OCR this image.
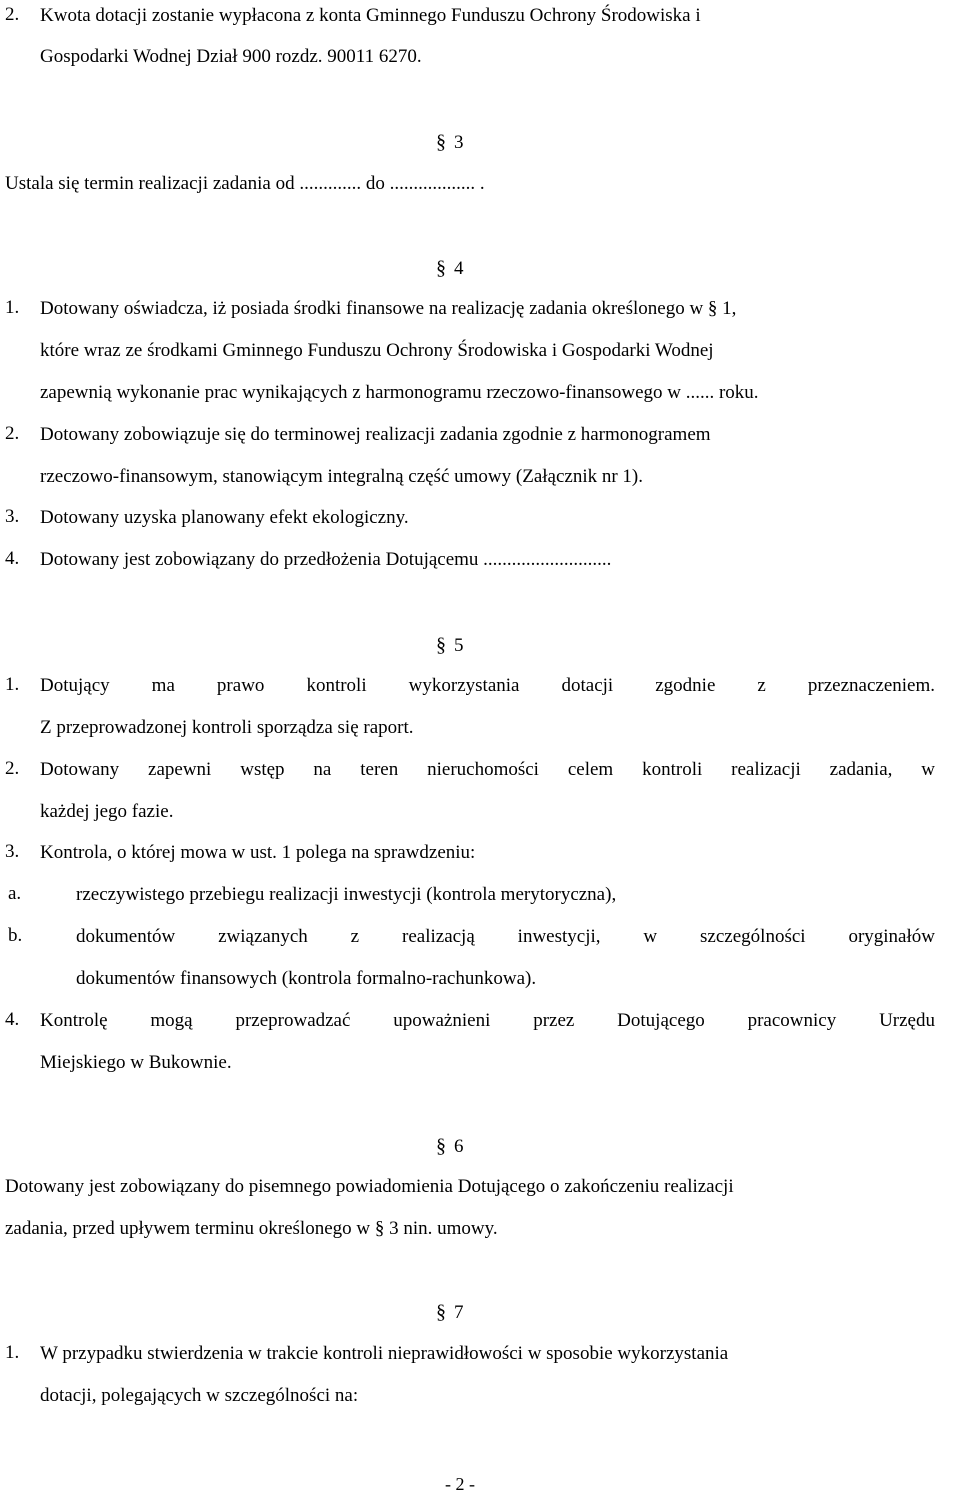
2. Kwota dotacji zostanie wypłacona z konta Gminnego Funduszu Ochrony Środowiska i
Gospodarki Wodnej Dział 900 rozdz. 90011 6270.
§ 3
Ustala się termin realizacji zadania od ............. do .................. .
§ 4
1. Dotowany oświadcza, iż posiada środki finansowe na realizację zadania określonego w § 1,
które wraz ze środkami Gminnego Funduszu Ochrony Środowiska i Gospodarki Wodnej
zapewnią wykonanie prac wynikających z harmonogramu rzeczowo-finansowego w ...... roku.
2. Dotowany zobowiązuje się do terminowej realizacji zadania zgodnie z harmonogramem
rzeczowo-finansowym, stanowiącym integralną część umowy (Załącznik nr 1).
3. Dotowany uzyska planowany efekt ekologiczny.
4. Dotowany jest zobowiązany do przedłożenia Dotującemu ...........................
§ 5
1. Dotujący ma prawo kontroli wykorzystania dotacji zgodnie z przeznaczeniem.
Z przeprowadzonej kontroli sporządza się raport.
2. Dotowany zapewni wstęp na teren nieruchomości celem kontroli realizacji zadania, w
każdej jego fazie.
3. Kontrola, o której mowa w ust. 1 polega na sprawdzeniu:
a.	rzeczywistego przebiegu realizacji inwestycji (kontrola merytoryczna),
b.	dokumentów związanych z realizacją inwestycji, w szczególności oryginałów
dokumentów finansowych (kontrola formalno-rachunkowa).
4. Kontrolę mogą przeprowadzać upoważnieni przez Dotującego pracownicy Urzędu
Miejskiego w Bukownie.
§ 6
Dotowany jest zobowiązany do pisemnego powiadomienia Dotującego o zakończeniu realizacji
zadania, przed upływem terminu określonego w § 3 nin. umowy.
§ 7
1. W przypadku stwierdzenia w trakcie kontroli nieprawidłowości w sposobie wykorzystania
dotacji, polegających w szczególności na:
- 2 -
